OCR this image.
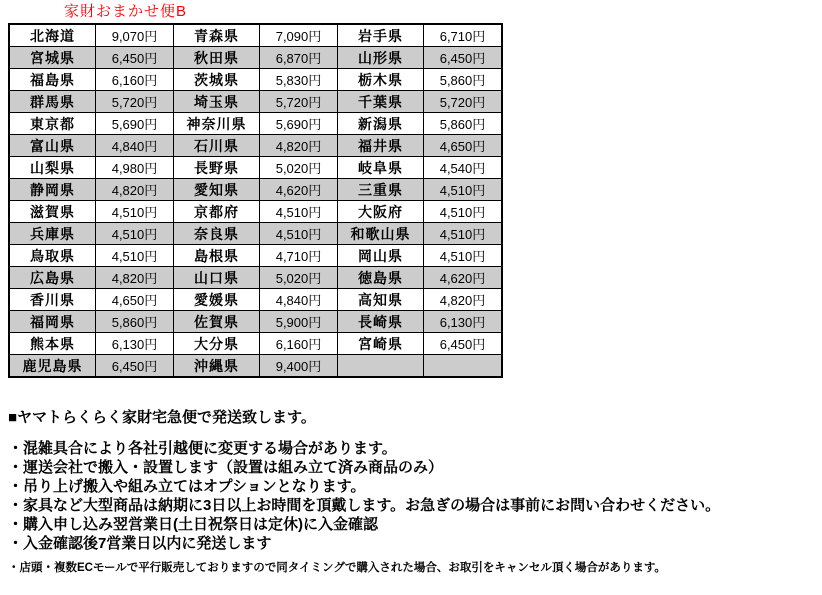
家財おまかせ便B
北海道	9,070円	青森県	7,090円	岩手県	6,710円
宮城県	6,450円	秋田県	6,870円	山形県	6,450円
福島県	6,160円	茨城県	5,830円	栃木県	5,860円
群馬県	5,720円	埼玉県	5,720円	千葉県	5,720円
東京都	5,690円	神奈川県	5,690円	新潟県	5,860円
富山県	4,840円	石川県	4,820円	福井県	4,650円
山梨県	4,980円	長野県	5,020円	岐阜県	4,540円
静岡県	4,820円	愛知県	4,620円	三重県	4,510円
滋賀県	4,510円	京都府	4,510円	大阪府	4,510円
兵庫県	4,510円	奈良県	4,510円	和歌山県	4,510円
鳥取県	4,510円	島根県	4,710円	岡山県	4,510円
広島県	4,820円	山口県	5,020円	徳島県	4,620円
香川県	4,650円	愛媛県	4,840円	高知県	4,820円
福岡県	5,860円	佐賀県	5,900円	長崎県	6,130円
熊本県	6,130円	大分県	6,160円	宮崎県	6,450円
鹿児島県	6,450円	沖縄県	9,400円		
■ヤマトらくらく家財宅急便で発送致します。
・混雑具合により各社引越便に変更する場合があります。
・運送会社で搬入・設置します（設置は組み立て済み商品のみ）
・吊り上げ搬入や組み立てはオプションとなります。
・家具など大型商品は納期に3日以上お時間を頂戴します。お急ぎの場合は事前にお問い合わせください。
・購入申し込み翌営業日(土日祝祭日は定休)に入金確認
・入金確認後7営業日以内に発送します
・店頭・複数ECモールで平行販売しておりますので同タイミングで購入された場合、お取引をキャンセル頂く場合があります。
